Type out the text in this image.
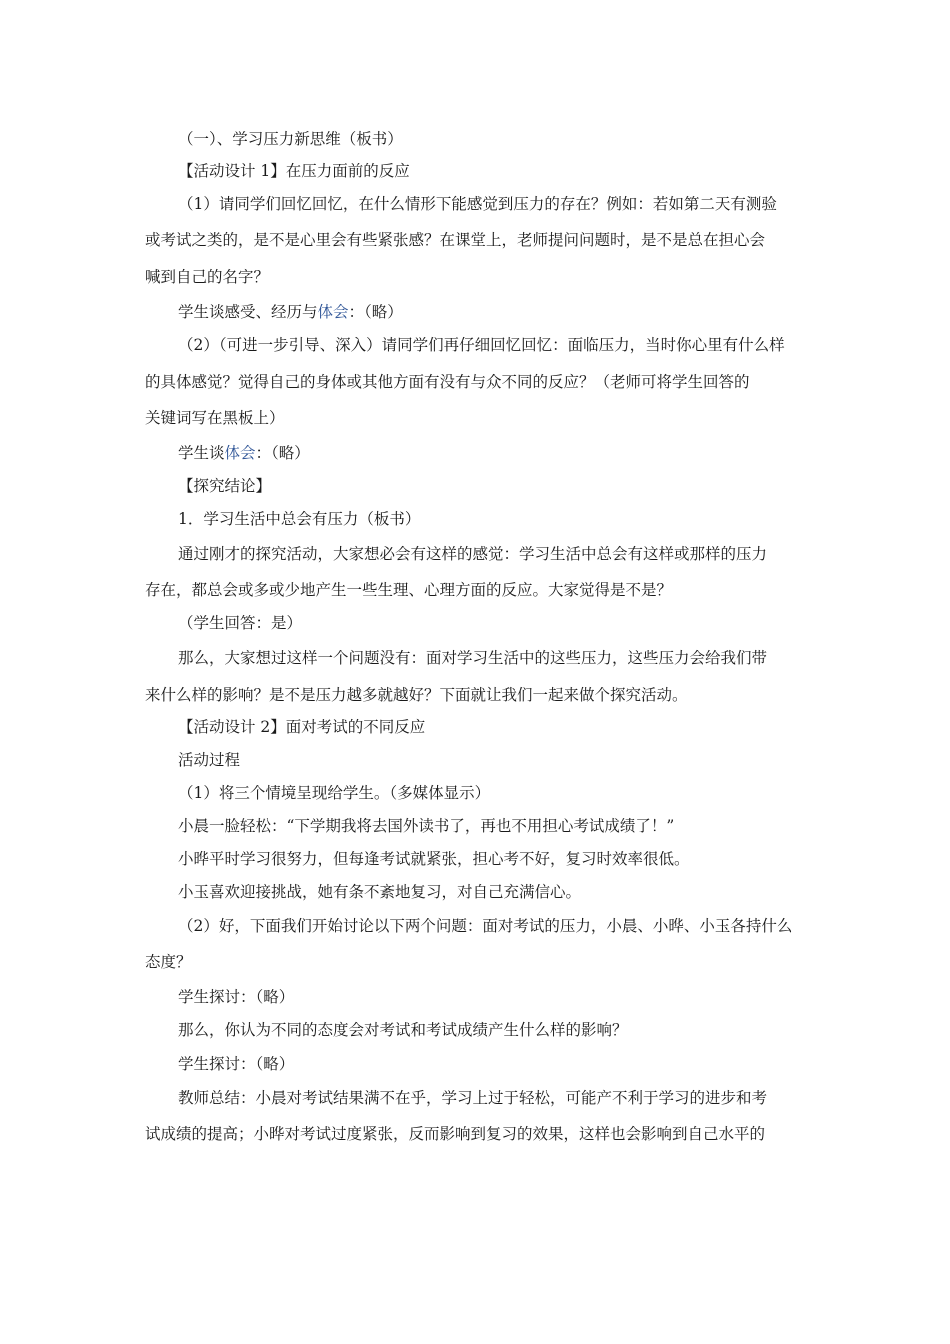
（一）、学习压力新思维（板书）
【活动设计 1】在压力面前的反应
（1）请同学们回忆回忆，在什么情形下能感觉到压力的存在？例如：若如第二天有测验
或考试之类的，是不是心里会有些紧张感？在课堂上，老师提问问题时，是不是总在担心会
喊到自己的名字？
学生谈感受、经历与体会：（略）
（2）（可进一步引导、深入）请同学们再仔细回忆回忆：面临压力，当时你心里有什么样
的具体感觉？觉得自己的身体或其他方面有没有与众不同的反应？（老师可将学生回答的
关键词写在黑板上）
学生谈体会：（略）
【探究结论】
1．学习生活中总会有压力（板书）
通过刚才的探究活动，大家想必会有这样的感觉：学习生活中总会有这样或那样的压力
存在，都总会或多或少地产生一些生理、心理方面的反应。大家觉得是不是？
（学生回答：是）
那么，大家想过这样一个问题没有：面对学习生活中的这些压力，这些压力会给我们带
来什么样的影响？是不是压力越多就越好？下面就让我们一起来做个探究活动。
【活动设计 2】面对考试的不同反应
活动过程
（1）将三个情境呈现给学生。（多媒体显示）
小晨一脸轻松：“下学期我将去国外读书了，再也不用担心考试成绩了！”
小晔平时学习很努力，但每逢考试就紧张，担心考不好，复习时效率很低。
小玉喜欢迎接挑战，她有条不紊地复习，对自己充满信心。
（2）好，下面我们开始讨论以下两个问题：面对考试的压力，小晨、小晔、小玉各持什么
态度？
学生探讨：（略）
那么，你认为不同的态度会对考试和考试成绩产生什么样的影响？
学生探讨：（略）
教师总结：小晨对考试结果满不在乎，学习上过于轻松，可能产不利于学习的进步和考
试成绩的提高；小晔对考试过度紧张，反而影响到复习的效果，这样也会影响到自己水平的
